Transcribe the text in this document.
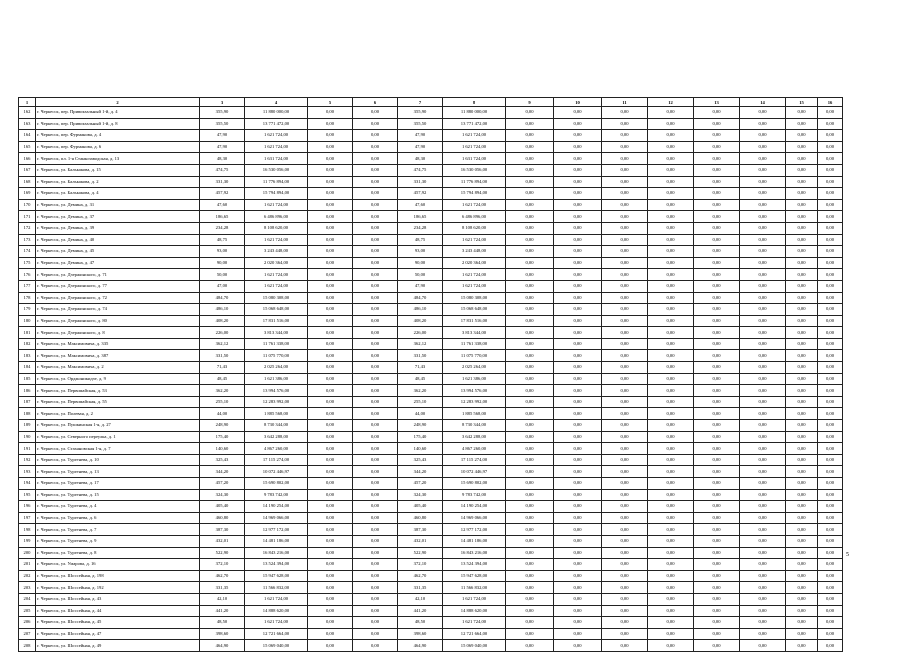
1	2	3	4	5	6	7	8	9	10	11	12	13	14	15	16
162	г. Черкесск, пер. Привокзальный 1-й, д. 4	355,90	11 880 000,00	0,00	0,00	355,90	11 880 000,00	0,00	0,00	0,00	0,00	0,00	0,00	0,00	0,00
163	г. Черкесск, пер. Привокзальный 1-й, д. 8	355,50	13 771 472,00	0,00	0,00	355,50	13 771 472,00	0,00	0,00	0,00	0,00	0,00	0,00	0,00	0,00
164	г. Черкесск, пер. Фурманова, д. 4	47,90	1 621 724,00	0,00	0,00	47,90	1 621 724,00	0,00	0,00	0,00	0,00	0,00	0,00	0,00	0,00
165	г. Черкесск, пер. Фурманова, д. 6	47,90	1 621 724,00	0,00	0,00	47,90	1 621 724,00	0,00	0,00	0,00	0,00	0,00	0,00	0,00	0,00
166	г. Черкесск, пл. 1-я Станкозаводская, д. 13	48,30	1 631 724,00	0,00	0,00	48,30	1 631 724,00	0,00	0,00	0,00	0,00	0,00	0,00	0,00	0,00
167	г. Черкесск, ул. Балькакова, д. 15	474,75	16 530 056,00	0,00	0,00	474,75	16 530 056,00	0,00	0,00	0,00	0,00	0,00	0,00	0,00	0,00
168	г. Черкесск, ул. Балькакова, д. 2	331,30	11 776 894,00	0,00	0,00	331,30	11 776 894,00	0,00	0,00	0,00	0,00	0,00	0,00	0,00	0,00
169	г. Черкесск, ул. Балькакова, д. 4	457,92	15 794 894,00	0,00	0,00	457,92	15 794 894,00	0,00	0,00	0,00	0,00	0,00	0,00	0,00	0,00
170	г. Черкесск, ул. Демина, д. 31	47,60	1 621 724,00	0,00	0,00	47,60	1 621 724,00	0,00	0,00	0,00	0,00	0,00	0,00	0,00	0,00
171	г. Черкесск, ул. Демина, д. 37	186,65	6 486 896,00	0,00	0,00	186,65	6 486 896,00	0,00	0,00	0,00	0,00	0,00	0,00	0,00	0,00
172	г. Черкесск, ул. Демина, д. 39	234,28	8 108 620,00	0,00	0,00	234,28	8 108 620,00	0,00	0,00	0,00	0,00	0,00	0,00	0,00	0,00
173	г. Черкесск, ул. Демина, д. 40	48,75	1 621 724,00	0,00	0,00	48,75	1 621 724,00	0,00	0,00	0,00	0,00	0,00	0,00	0,00	0,00
174	г. Черкесск, ул. Демина, д. 45	93,00	3 243 448,00	0,00	0,00	93,00	3 243 448,00	0,00	0,00	0,00	0,00	0,00	0,00	0,00	0,00
175	г. Черкесск, ул. Демина, д. 47	90,00	2 020 364,00	0,00	0,00	90,00	2 020 364,00	0,00	0,00	0,00	0,00	0,00	0,00	0,00	0,00
176	г. Черкесск, ул. Дзержинского, д. 71	50,00	1 621 724,00	0,00	0,00	50,00	1 621 724,00	0,00	0,00	0,00	0,00	0,00	0,00	0,00	0,00
177	г. Черкесск, ул. Дзержинского, д. 77	47,00	1 621 724,00	0,00	0,00	47,90	1 621 724,00	0,00	0,00	0,00	0,00	0,00	0,00	0,00	0,00
178	г. Черкесск, ул. Дзержинского, д. 72	484,70	15 080 308,00	0,00	0,00	484,70	15 080 308,00	0,00	0,00	0,00	0,00	0,00	0,00	0,00	0,00
179	г. Черкесск, ул. Дзержинского, д. 74	486,10	15 068 648,00	0,00	0,00	486,10	15 068 648,00	0,00	0,00	0,00	0,00	0,00	0,00	0,00	0,00
180	г. Черкесск, ул. Дзержинского, д. 80	408,20	17 831 516,00	0,00	0,00	408,20	17 831 516,00	0,00	0,00	0,00	0,00	0,00	0,00	0,00	0,00
181	г. Черкесск, ул. Дзержинского, д. 8	226,00	3 813 344,00	0,00	0,00	226,00	3 813 344,00	0,00	0,00	0,00	0,00	0,00	0,00	0,00	0,00
182	г. Черкесск, ул. Максимовича, д. 335	362,12	11 761 338,00	0,00	0,00	362,12	11 761 338,00	0,00	0,00	0,00	0,00	0,00	0,00	0,00	0,00
183	г. Черкесск, ул. Максимовича, д. 387	331,50	11 075 770,00	0,00	0,00	331,50	11 075 770,00	0,00	0,00	0,00	0,00	0,00	0,00	0,00	0,00
184	г. Черкесск, ул. Максимовича, д. 2	71,43	2 025 264,00	0,00	0,00	71,43	2 025 264,00	0,00	0,00	0,00	0,00	0,00	0,00	0,00	0,00
185	г. Черкесск, ул. Орджоникидзе, д. 9	48,45	1 621 386,00	0,00	0,00	48,45	1 621 386,00	0,00	0,00	0,00	0,00	0,00	0,00	0,00	0,00
186	г. Черкесск, ул. Первомайская, д. 53	362,20	13 994 576,00	0,00	0,00	362,20	13 994 576,00	0,00	0,00	0,00	0,00	0,00	0,00	0,00	0,00
187	г. Черкесск, ул. Первомайская, д. 55	255,10	12 283 992,00	0,00	0,00	255,10	12 283 992,00	0,00	0,00	0,00	0,00	0,00	0,00	0,00	0,00
188	г. Черкесск, ул. Полевая, д. 2	44,00	1 885 568,00	0,00	0,00	44,00	1 885 568,00	0,00	0,00	0,00	0,00	0,00	0,00	0,00	0,00
189	г. Черкесск, ул. Пушкинская 1-я, д. 27	248,90	8 730 344,00	0,00	0,00	248,90	8 730 344,00	0,00	0,00	0,00	0,00	0,00	0,00	0,00	0,00
190	г. Черкесск, ул. Северного переулка, д. 1	175,40	3 642 288,00	0,00	0,00	175,40	3 642 288,00	0,00	0,00	0,00	0,00	0,00	0,00	0,00	0,00
191	г. Черкесск, ул. Стахановская 1-я, д. 7	140,60	4 867 260,00	0,00	0,00	140,60	4 867 260,00	0,00	0,00	0,00	0,00	0,00	0,00	0,00	0,00
192	г. Черкесск, ул. Тургенева, д. 10	325,43	17 115 274,00	0,00	0,00	325,43	17 115 274,00	0,00	0,00	0,00	0,00	0,00	0,00	0,00	0,00
193	г. Черкесск, ул. Тургенева, д. 13	344,20	10 072 446,97	0,00	0,00	344,20	10 072 446,97	0,00	0,00	0,00	0,00	0,00	0,00	0,00	0,00
194	г. Черкесск, ул. Тургенева, д. 17	457,20	15 690 802,00	0,00	0,00	457,20	15 690 802,00	0,00	0,00	0,00	0,00	0,00	0,00	0,00	0,00
195	г. Черкесск, ул. Тургенева, д. 15	324,30	9 783 742,00	0,00	0,00	324,30	9 783 742,00	0,00	0,00	0,00	0,00	0,00	0,00	0,00	0,00
196	г. Черкесск, ул. Тургенева, д. 4	405,40	14 190 254,00	0,00	0,00	405,40	14 190 254,00	0,00	0,00	0,00	0,00	0,00	0,00	0,00	0,00
197	г. Черкесск, ул. Тургенева, д. 6	460,80	14 969 066,00	0,00	0,00	460,80	14 969 066,00	0,00	0,00	0,00	0,00	0,00	0,00	0,00	0,00
198	г. Черкесск, ул. Тургенева, д. 7	387,30	12 977 172,00	0,00	0,00	387,30	12 977 172,00	0,00	0,00	0,00	0,00	0,00	0,00	0,00	0,00
199	г. Черкесск, ул. Тургенева, д. 9	432,01	14 481 186,00	0,00	0,00	432,01	14 481 186,00	0,00	0,00	0,00	0,00	0,00	0,00	0,00	0,00
200	г. Черкесск, ул. Тургенева, д. 8	522,90	16 843 216,00	0,00	0,00	522,90	16 843 216,00	0,00	0,00	0,00	0,00	0,00	0,00	0,00	0,00
201	г. Черкесск, ул. Умарова, д. 16	372,10	13 524 394,00	0,00	0,00	372,10	13 524 394,00	0,00	0,00	0,00	0,00	0,00	0,00	0,00	0,00
202	г. Черкесск, ул. Шоссейная, д. 198	462,70	15 947 628,00	0,00	0,00	462,70	15 947 628,00	0,00	0,00	0,00	0,00	0,00	0,00	0,00	0,00
203	г. Черкесск, ул. Шоссейная, д. 192	331,35	11 566 832,00	0,00	0,00	331,35	11 566 832,00	0,00	0,00	0,00	0,00	0,00	0,00	0,00	0,00
204	г. Черкесск, ул. Шоссейная, д. 43	42,10	1 621 724,00	0,00	0,00	42,10	1 621 724,00	0,00	0,00	0,00	0,00	0,00	0,00	0,00	0,00
205	г. Черкесск, ул. Шоссейная, д. 44	441,20	14 888 620,00	0,00	0,00	441,20	14 888 620,00	0,00	0,00	0,00	0,00	0,00	0,00	0,00	0,00
206	г. Черкесск, ул. Шоссейная, д. 45	48,50	1 621 724,00	0,00	0,00	48,50	1 621 724,00	0,00	0,00	0,00	0,00	0,00	0,00	0,00	0,00
207	г. Черкесск, ул. Шоссейная, д. 47	398,60	12 721 664,00	0,00	0,00	398,60	12 721 664,00	0,00	0,00	0,00	0,00	0,00	0,00	0,00	0,00
208	г. Черкесск, ул. Шоссейная, д. 49	464,90	15 069 040,00	0,00	0,00	464,90	15 069 040,00	0,00	0,00	0,00	0,00	0,00	0,00	0,00	0,00
5
